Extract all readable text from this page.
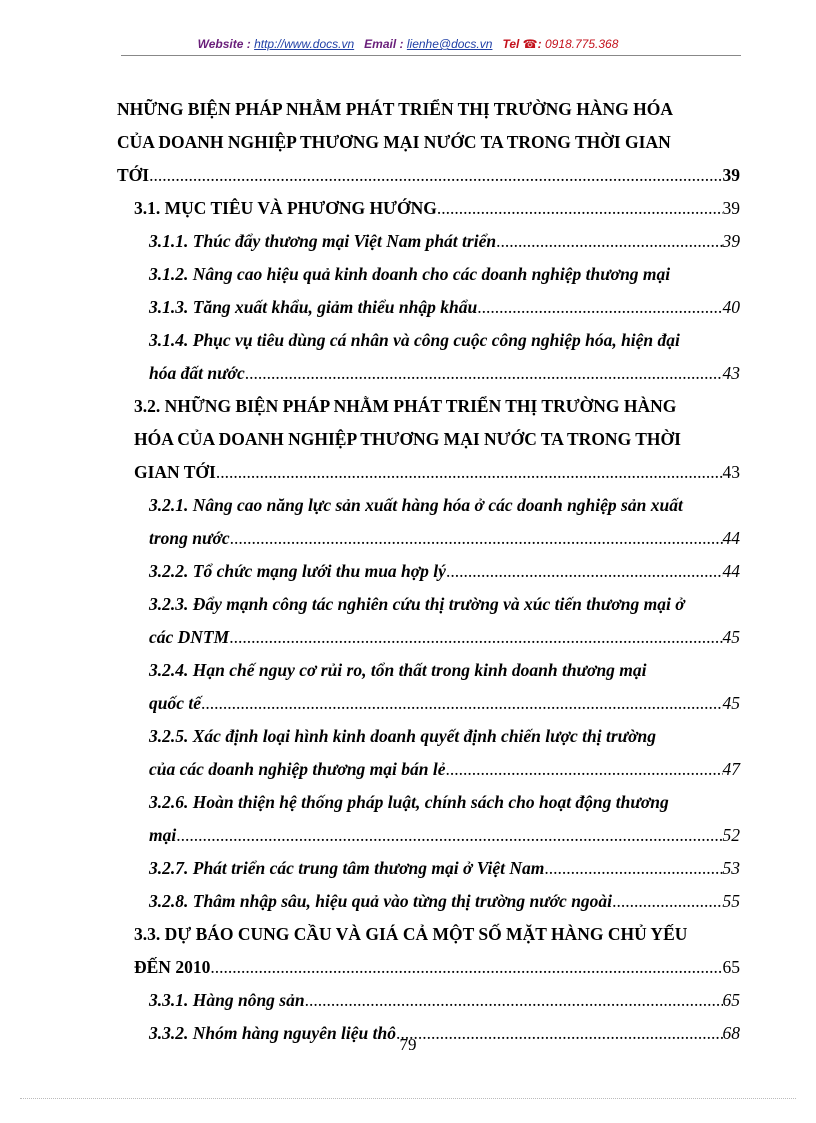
Website : http://www.docs.vn Email : lienhe@docs.vn Tel ☎: 0918.775.368
NHỮNG BIỆN PHÁP NHẰM PHÁT TRIỂN THỊ TRƯỜNG HÀNG HÓA
CỦA DOANH NGHIỆP THƯƠNG MẠI NƯỚC TA TRONG THỜI GIAN
TỚI .....	39
3.1. MỤC TIÊU VÀ PHƯƠNG HƯỚNG .....	39
3.1.1. Thúc đẩy thương mại Việt Nam phát triển .....	39
3.1.2. Nâng cao hiệu quả kinh doanh cho các doanh nghiệp thương mại
3.1.3. Tăng xuất khẩu, giảm thiểu nhập khẩu .....	40
3.1.4. Phục vụ tiêu dùng cá nhân và công cuộc công nghiệp hóa, hiện đại
hóa đất nước .....	43
3.2. NHỮNG BIỆN PHÁP NHẰM PHÁT TRIỂN THỊ TRƯỜNG HÀNG
HÓA CỦA DOANH NGHIỆP THƯƠNG MẠI NƯỚC TA TRONG THỜI
GIAN TỚI .....	43
3.2.1. Nâng cao năng lực sản xuất hàng hóa ở các doanh nghiệp sản xuất
trong nước .....	44
3.2.2. Tổ chức mạng lưới thu mua hợp lý .....	44
3.2.3. Đẩy mạnh công tác nghiên cứu thị trường và xúc tiến thương mại ở
các DNTM .....	45
3.2.4. Hạn chế nguy cơ rủi ro, tổn thất trong kinh doanh thương mại
quốc tế .....	45
3.2.5. Xác định loại hình kinh doanh quyết định chiến lược thị trường
của các doanh nghiệp thương mại bán lẻ .....	47
3.2.6. Hoàn thiện hệ thống pháp luật, chính sách cho hoạt động thương
mại .....	52
3.2.7. Phát triển các trung tâm thương mại ở Việt Nam .....	53
3.2.8. Thâm nhập sâu, hiệu quả vào từng thị trường nước ngoài .....	55
3.3. DỰ BÁO CUNG CẦU VÀ GIÁ CẢ MỘT SỐ MẶT HÀNG CHỦ YẾU
ĐẾN 2010 .....	65
3.3.1. Hàng nông sản .....	65
3.3.2. Nhóm hàng nguyên liệu thô .....	68
79
